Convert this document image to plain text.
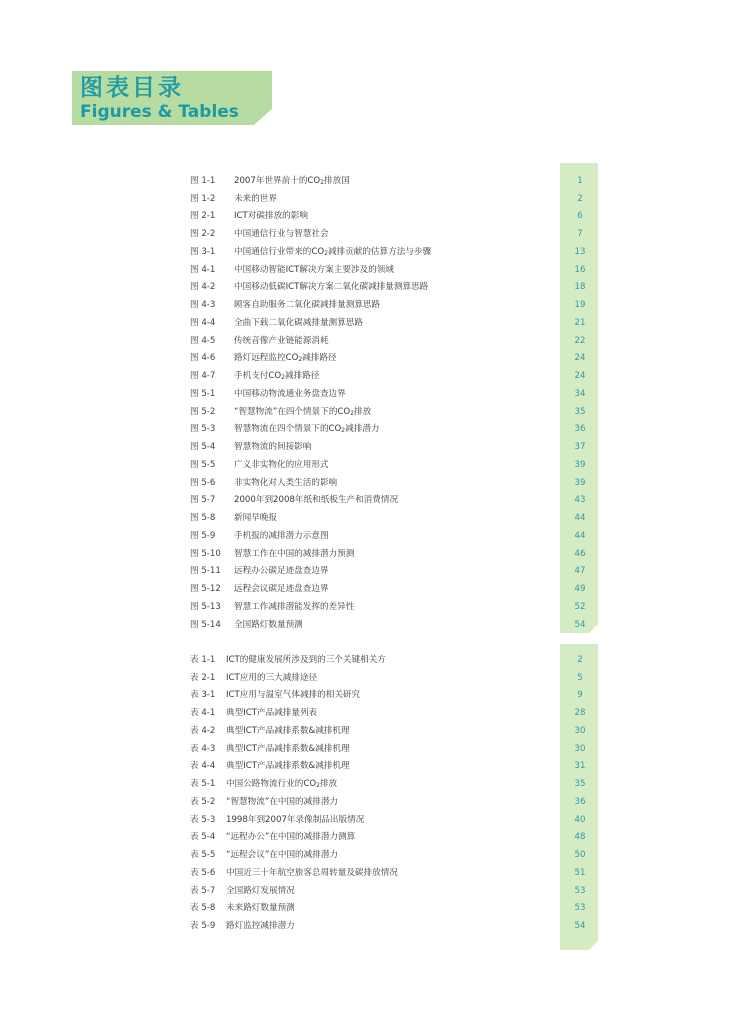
图表目录
Figures & Tables
图 1-1	2007年世界前十的$CO_2$排放国	1
图 1-2	未来的世界	2
图 2-1	ICT对碳排放的影响	6
图 2-2	中国通信行业与智慧社会	7
图 3-1	中国通信行业带来的$CO_2$减排贡献的估算方法与步骤	13
图 4-1	中国移动智能ICT解决方案主要涉及的领域	16
图 4-2	中国移动低碳ICT解决方案二氧化碳减排量测算思路	18
图 4-3	顾客自助服务二氧化碳减排量测算思路	19
图 4-4	全曲下载二氧化碳减排量测算思路	21
图 4-5	传统音像产业链能源消耗	22
图 4-6	路灯远程监控$CO_2$减排路径	24
图 4-7	手机支付$CO_2$减排路径	24
图 5-1	中国移动物流通业务盘查边界	34
图 5-2	“智慧物流”在四个情景下的$CO_2$排放	35
图 5-3	智慧物流在四个情景下的$CO_2$减排潜力	36
图 5-4	智慧物流的间接影响	37
图 5-5	广义非实物化的应用形式	39
图 5-6	非实物化对人类生活的影响	39
图 5-7	2000年到2008年纸和纸板生产和消费情况	43
图 5-8	新闻早晚报	44
图 5-9	手机报的减排潜力示意图	44
图 5-10	智慧工作在中国的减排潜力预测	46
图 5-11	远程办公碳足迹盘查边界	47
图 5-12	远程会议碳足迹盘查边界	49
图 5-13	智慧工作减排潜能发挥的差异性	52
图 5-14	全国路灯数量预测	54
表 1-1	ICT的健康发展所涉及到的三个关键相关方	2
表 2-1	ICT应用的三大减排途径	5
表 3-1	ICT应用与温室气体减排的相关研究	9
表 4-1	典型ICT产品减排量列表	28
表 4-2	典型ICT产品减排系数&减排机理	30
表 4-3	典型ICT产品减排系数&减排机理	30
表 4-4	典型ICT产品减排系数&减排机理	31
表 5-1	中国公路物流行业的$CO_2$排放	35
表 5-2	“智慧物流”在中国的减排潜力	36
表 5-3	1998年到2007年录像制品出版情况	40
表 5-4	“远程办公”在中国的减排潜力测算	48
表 5-5	“远程会议”在中国的减排潜力	50
表 5-6	中国近三十年航空旅客总周转量及碳排放情况	51
表 5-7	全国路灯发展情况	53
表 5-8	未来路灯数量预测	53
表 5-9	路灯监控减排潜力	54
